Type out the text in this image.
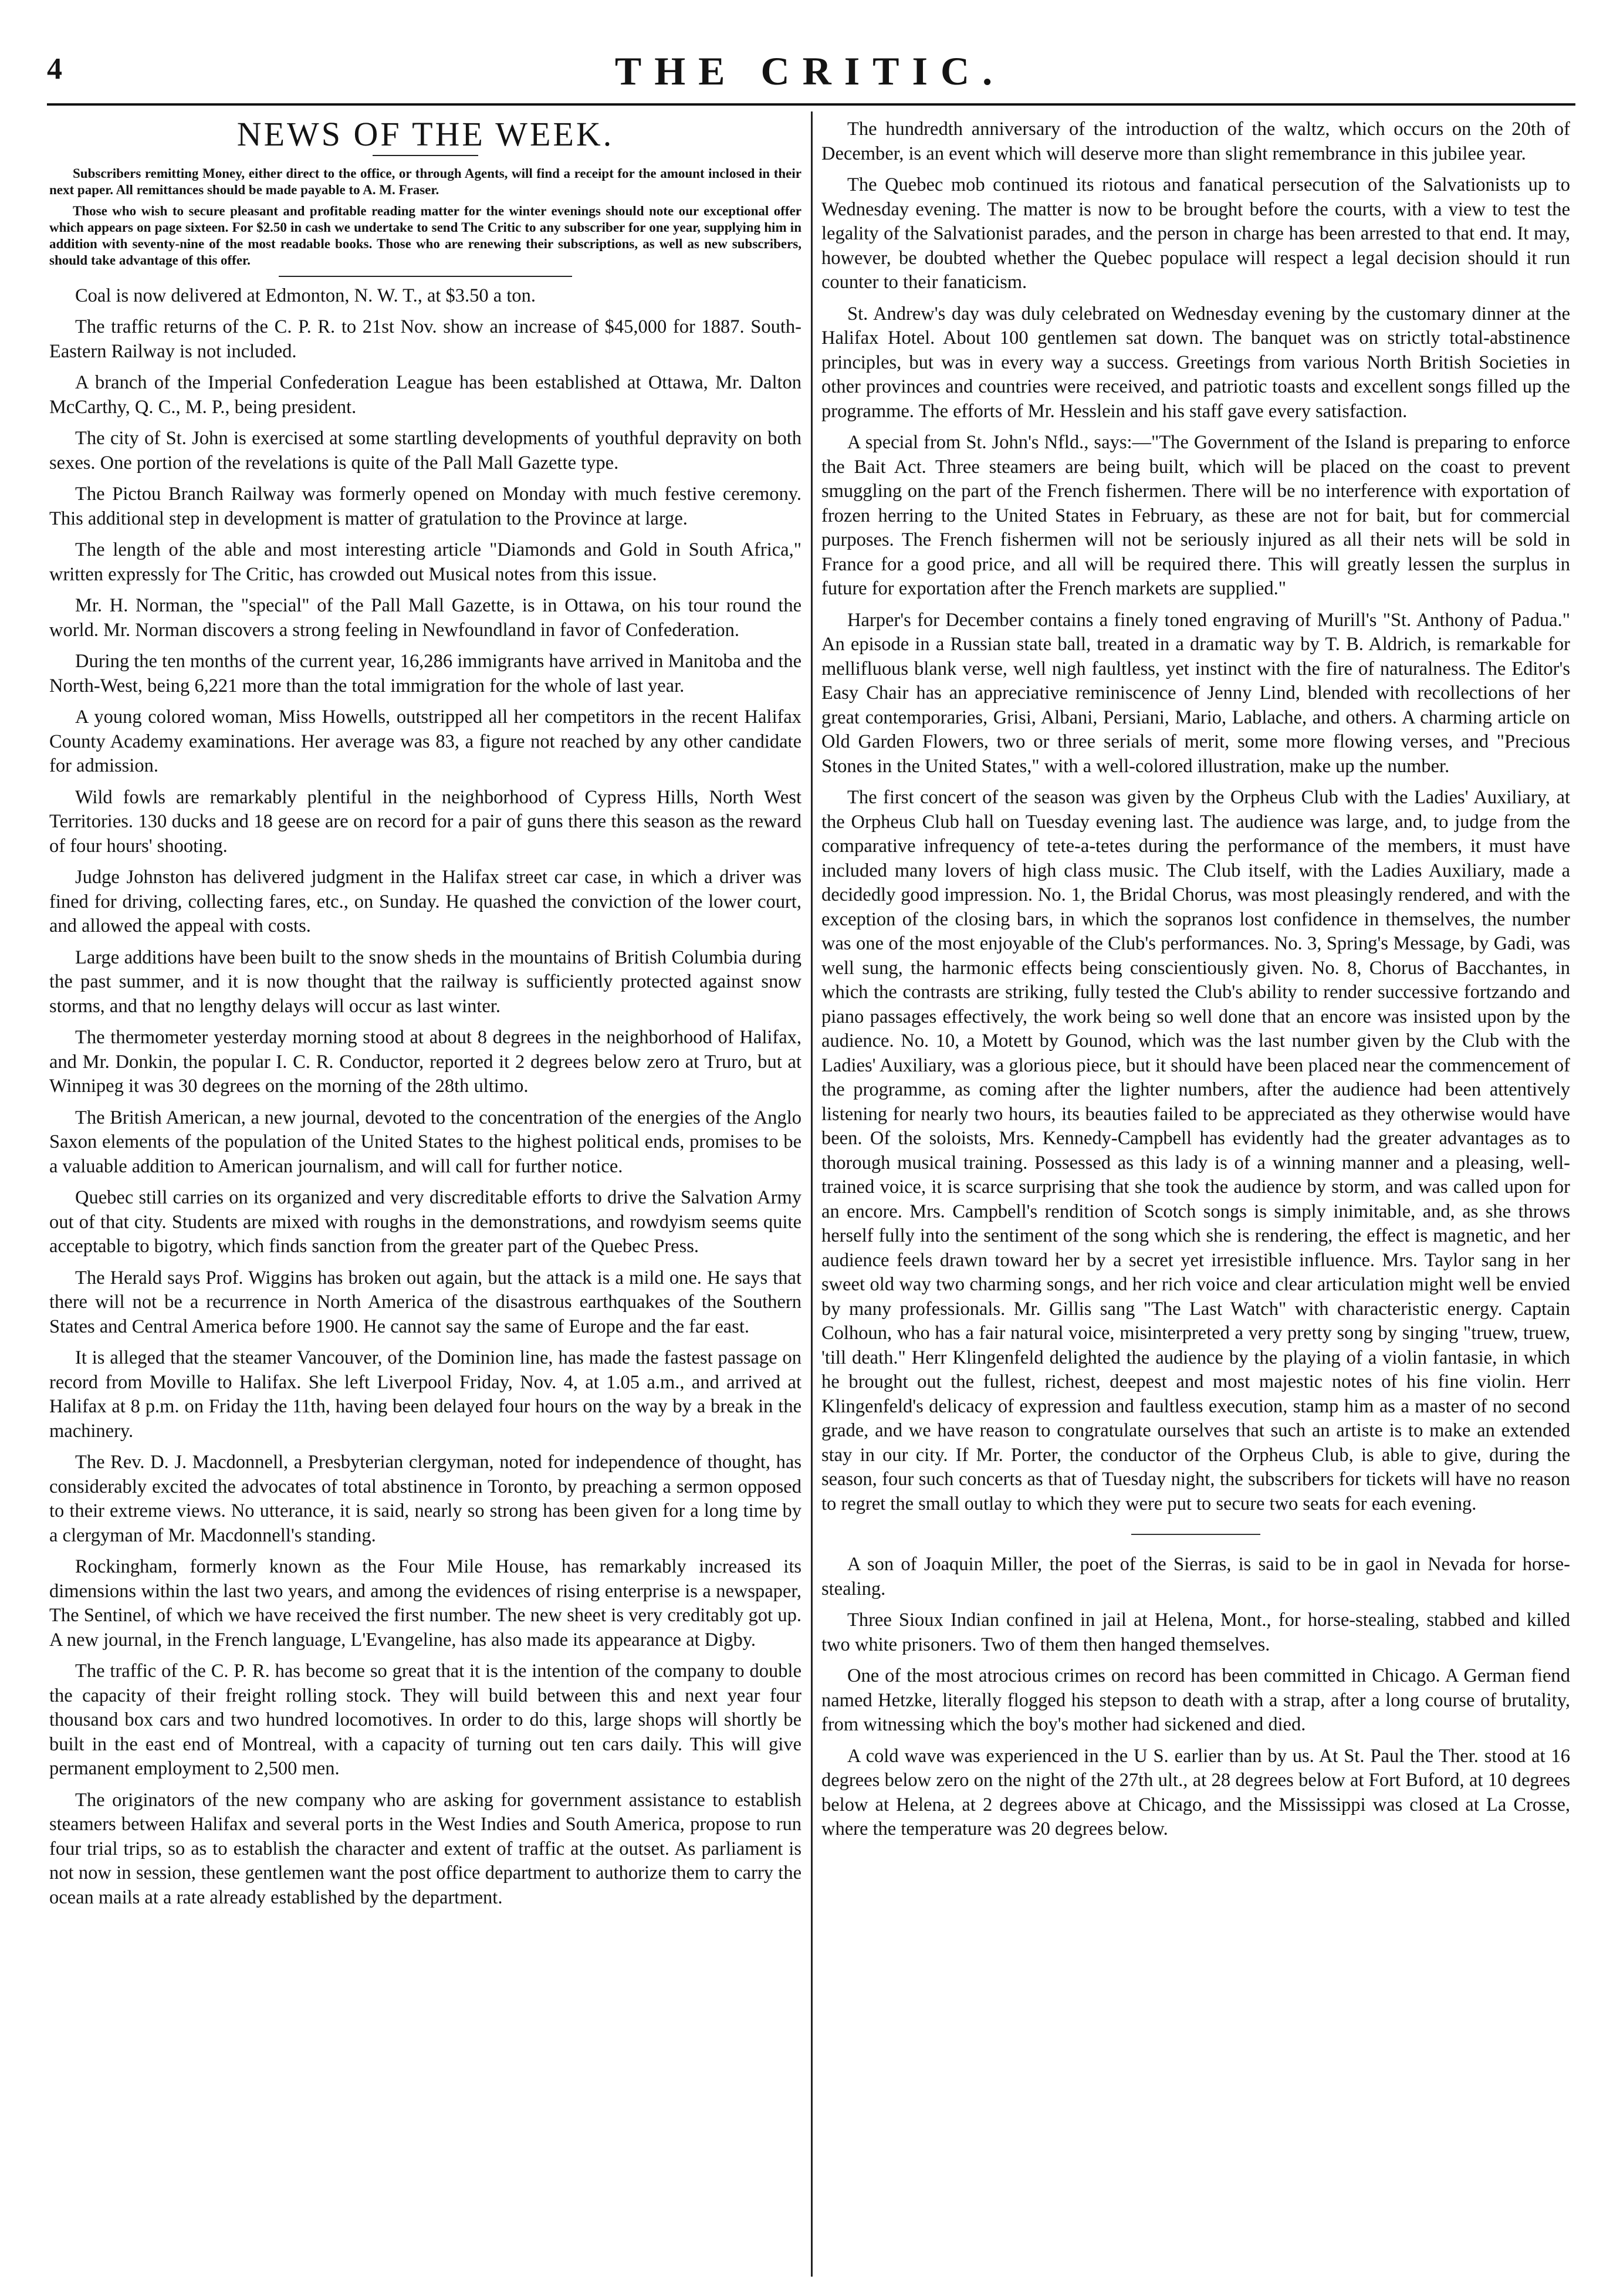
4	THE CRITIC.
NEWS OF THE WEEK.

Subscribers remitting Money, either direct to the office, or through Agents, will find a receipt for the amount inclosed in their next paper. All remittances should be made payable to A. M. Fraser.

Those who wish to secure pleasant and profitable reading matter for the winter evenings should note our exceptional offer which appears on page sixteen. For $2.50 in cash we undertake to send The Critic to any subscriber for one year, supplying him in addition with seventy-nine of the most readable books. Those who are renewing their subscriptions, as well as new subscribers, should take advantage of this offer.

Coal is now delivered at Edmonton, N. W. T., at $3.50 a ton.

The traffic returns of the C. P. R. to 21st Nov. show an increase of $45,000 for 1887. South-Eastern Railway is not included.

A branch of the Imperial Confederation League has been established at Ottawa, Mr. Dalton McCarthy, Q. C., M. P., being president.

The city of St. John is exercised at some startling developments of youthful depravity on both sexes. One portion of the revelations is quite of the Pall Mall Gazette type.

The Pictou Branch Railway was formerly opened on Monday with much festive ceremony. This additional step in development is matter of gratulation to the Province at large.

The length of the able and most interesting article "Diamonds and Gold in South Africa," written expressly for The Critic, has crowded out Musical notes from this issue.

Mr. H. Norman, the "special" of the Pall Mall Gazette, is in Ottawa, on his tour round the world. Mr. Norman discovers a strong feeling in Newfoundland in favor of Confederation.

During the ten months of the current year, 16,286 immigrants have arrived in Manitoba and the North-West, being 6,221 more than the total immigration for the whole of last year.

A young colored woman, Miss Howells, outstripped all her competitors in the recent Halifax County Academy examinations. Her average was 83, a figure not reached by any other candidate for admission.

Wild fowls are remarkably plentiful in the neighborhood of Cypress Hills, North West Territories. 130 ducks and 18 geese are on record for a pair of guns there this season as the reward of four hours' shooting.

Judge Johnston has delivered judgment in the Halifax street car case, in which a driver was fined for driving, collecting fares, etc., on Sunday. He quashed the conviction of the lower court, and allowed the appeal with costs.

Large additions have been built to the snow sheds in the mountains of British Columbia during the past summer, and it is now thought that the railway is sufficiently protected against snow storms, and that no lengthy delays will occur as last winter.

The thermometer yesterday morning stood at about 8 degrees in the neighborhood of Halifax, and Mr. Donkin, the popular I. C. R. Conductor, reported it 2 degrees below zero at Truro, but at Winnipeg it was 30 degrees on the morning of the 28th ultimo.

The British American, a new journal, devoted to the concentration of the energies of the Anglo Saxon elements of the population of the United States to the highest political ends, promises to be a valuable addition to American journalism, and will call for further notice.

Quebec still carries on its organized and very discreditable efforts to drive the Salvation Army out of that city. Students are mixed with roughs in the demonstrations, and rowdyism seems quite acceptable to bigotry, which finds sanction from the greater part of the Quebec Press.

The Herald says Prof. Wiggins has broken out again, but the attack is a mild one. He says that there will not be a recurrence in North America of the disastrous earthquakes of the Southern States and Central America before 1900. He cannot say the same of Europe and the far east.

It is alleged that the steamer Vancouver, of the Dominion line, has made the fastest passage on record from Moville to Halifax. She left Liverpool Friday, Nov. 4, at 1.05 a.m., and arrived at Halifax at 8 p.m. on Friday the 11th, having been delayed four hours on the way by a break in the machinery.

The Rev. D. J. Macdonnell, a Presbyterian clergyman, noted for independence of thought, has considerably excited the advocates of total abstinence in Toronto, by preaching a sermon opposed to their extreme views. No utterance, it is said, nearly so strong has been given for a long time by a clergyman of Mr. Macdonnell's standing.

Rockingham, formerly known as the Four Mile House, has remarkably increased its dimensions within the last two years, and among the evidences of rising enterprise is a newspaper, The Sentinel, of which we have received the first number. The new sheet is very creditably got up. A new journal, in the French language, L'Evangeline, has also made its appearance at Digby.

The traffic of the C. P. R. has become so great that it is the intention of the company to double the capacity of their freight rolling stock. They will build between this and next year four thousand box cars and two hundred locomotives. In order to do this, large shops will shortly be built in the east end of Montreal, with a capacity of turning out ten cars daily. This will give permanent employment to 2,500 men.

The originators of the new company who are asking for government assistance to establish steamers between Halifax and several ports in the West Indies and South America, propose to run four trial trips, so as to establish the character and extent of traffic at the outset. As parliament is not now in session, these gentlemen want the post office department to authorize them to carry the ocean mails at a rate already established by the department.

The hundredth anniversary of the introduction of the waltz, which occurs on the 20th of December, is an event which will deserve more than slight remembrance in this jubilee year.

The Quebec mob continued its riotous and fanatical persecution of the Salvationists up to Wednesday evening. The matter is now to be brought before the courts, with a view to test the legality of the Salvationist parades, and the person in charge has been arrested to that end. It may, however, be doubted whether the Quebec populace will respect a legal decision should it run counter to their fanaticism.

St. Andrew's day was duly celebrated on Wednesday evening by the customary dinner at the Halifax Hotel. About 100 gentlemen sat down. The banquet was on strictly total-abstinence principles, but was in every way a success. Greetings from various North British Societies in other provinces and countries were received, and patriotic toasts and excellent songs filled up the programme. The efforts of Mr. Hesslein and his staff gave every satisfaction.

A special from St. John's Nfld., says:—"The Government of the Island is preparing to enforce the Bait Act. Three steamers are being built, which will be placed on the coast to prevent smuggling on the part of the French fishermen. There will be no interference with exportation of frozen herring to the United States in February, as these are not for bait, but for commercial purposes. The French fishermen will not be seriously injured as all their nets will be sold in France for a good price, and all will be required there. This will greatly lessen the surplus in future for exportation after the French markets are supplied."

Harper's for December contains a finely toned engraving of Murill's "St. Anthony of Padua." An episode in a Russian state ball, treated in a dramatic way by T. B. Aldrich, is remarkable for mellifluous blank verse, well nigh faultless, yet instinct with the fire of naturalness. The Editor's Easy Chair has an appreciative reminiscence of Jenny Lind, blended with recollections of her great contemporaries, Grisi, Albani, Persiani, Mario, Lablache, and others. A charming article on Old Garden Flowers, two or three serials of merit, some more flowing verses, and "Precious Stones in the United States," with a well-colored illustration, make up the number.

The first concert of the season was given by the Orpheus Club with the Ladies' Auxiliary, at the Orpheus Club hall on Tuesday evening last. The audience was large, and, to judge from the comparative infrequency of tete-a-tetes during the performance of the members, it must have included many lovers of high class music. The Club itself, with the Ladies Auxiliary, made a decidedly good impression. No. 1, the Bridal Chorus, was most pleasingly rendered, and with the exception of the closing bars, in which the sopranos lost confidence in themselves, the number was one of the most enjoyable of the Club's performances. No. 3, Spring's Message, by Gadi, was well sung, the harmonic effects being conscientiously given. No. 8, Chorus of Bacchantes, in which the contrasts are striking, fully tested the Club's ability to render successive fortzando and piano passages effectively, the work being so well done that an encore was insisted upon by the audience. No. 10, a Motett by Gounod, which was the last number given by the Club with the Ladies' Auxiliary, was a glorious piece, but it should have been placed near the commencement of the programme, as coming after the lighter numbers, after the audience had been attentively listening for nearly two hours, its beauties failed to be appreciated as they otherwise would have been. Of the soloists, Mrs. Kennedy-Campbell has evidently had the greater advantages as to thorough musical training. Possessed as this lady is of a winning manner and a pleasing, well-trained voice, it is scarce surprising that she took the audience by storm, and was called upon for an encore. Mrs. Campbell's rendition of Scotch songs is simply inimitable, and, as she throws herself fully into the sentiment of the song which she is rendering, the effect is magnetic, and her audience feels drawn toward her by a secret yet irresistible influence. Mrs. Taylor sang in her sweet old way two charming songs, and her rich voice and clear articulation might well be envied by many professionals. Mr. Gillis sang "The Last Watch" with characteristic energy. Captain Colhoun, who has a fair natural voice, misinterpreted a very pretty song by singing "truew, truew, 'till death." Herr Klingenfeld delighted the audience by the playing of a violin fantasie, in which he brought out the fullest, richest, deepest and most majestic notes of his fine violin. Herr Klingenfeld's delicacy of expression and faultless execution, stamp him as a master of no second grade, and we have reason to congratulate ourselves that such an artiste is to make an extended stay in our city. If Mr. Porter, the conductor of the Orpheus Club, is able to give, during the season, four such concerts as that of Tuesday night, the subscribers for tickets will have no reason to regret the small outlay to which they were put to secure two seats for each evening.

A son of Joaquin Miller, the poet of the Sierras, is said to be in gaol in Nevada for horse-stealing.

Three Sioux Indian confined in jail at Helena, Mont., for horse-stealing, stabbed and killed two white prisoners. Two of them then hanged themselves.

One of the most atrocious crimes on record has been committed in Chicago. A German fiend named Hetzke, literally flogged his stepson to death with a strap, after a long course of brutality, from witnessing which the boy's mother had sickened and died.

A cold wave was experienced in the U S. earlier than by us. At St. Paul the Ther. stood at 16 degrees below zero on the night of the 27th ult., at 28 degrees below at Fort Buford, at 10 degrees below at Helena, at 2 degrees above at Chicago, and the Mississippi was closed at La Crosse, where the temperature was 20 degrees below.
